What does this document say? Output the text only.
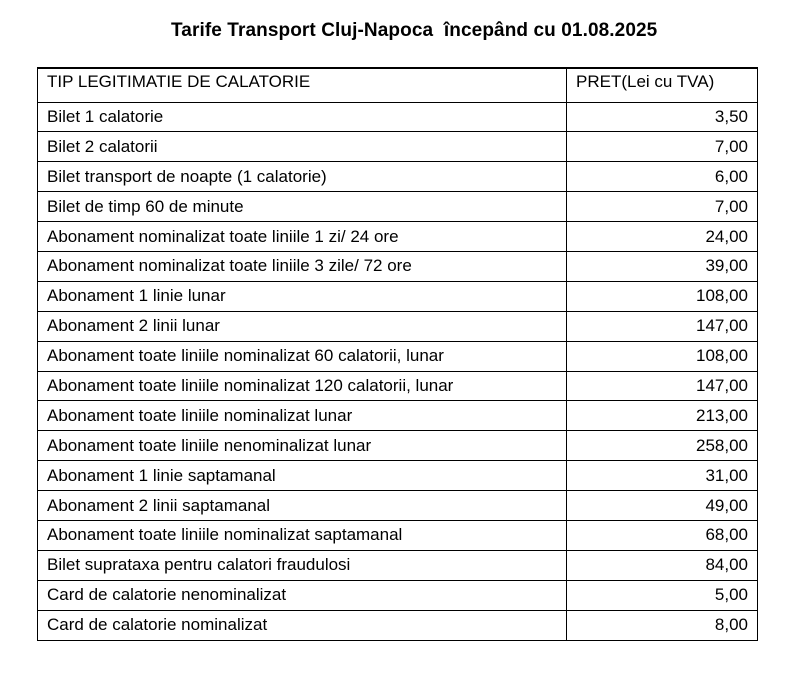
Tarife Transport Cluj-Napoca  începând cu 01.08.2025
TIP LEGITIMATIE DE CALATORIE	PRET(Lei cu TVA)
Bilet 1 calatorie	3,50
Bilet 2 calatorii	7,00
Bilet transport de noapte (1 calatorie)	6,00
Bilet de timp 60 de minute	7,00
Abonament nominalizat toate liniile 1 zi/ 24 ore	24,00
Abonament nominalizat toate liniile 3 zile/ 72 ore	39,00
Abonament 1 linie lunar	108,00
Abonament 2 linii lunar	147,00
Abonament toate liniile nominalizat 60 calatorii, lunar	108,00
Abonament toate liniile nominalizat 120 calatorii, lunar	147,00
Abonament toate liniile nominalizat lunar	213,00
Abonament toate liniile nenominalizat lunar	258,00
Abonament 1 linie saptamanal	31,00
Abonament 2 linii saptamanal	49,00
Abonament toate liniile nominalizat saptamanal	68,00
Bilet suprataxa pentru calatori fraudulosi	84,00
Card de calatorie nenominalizat	5,00
Card de calatorie nominalizat	8,00
